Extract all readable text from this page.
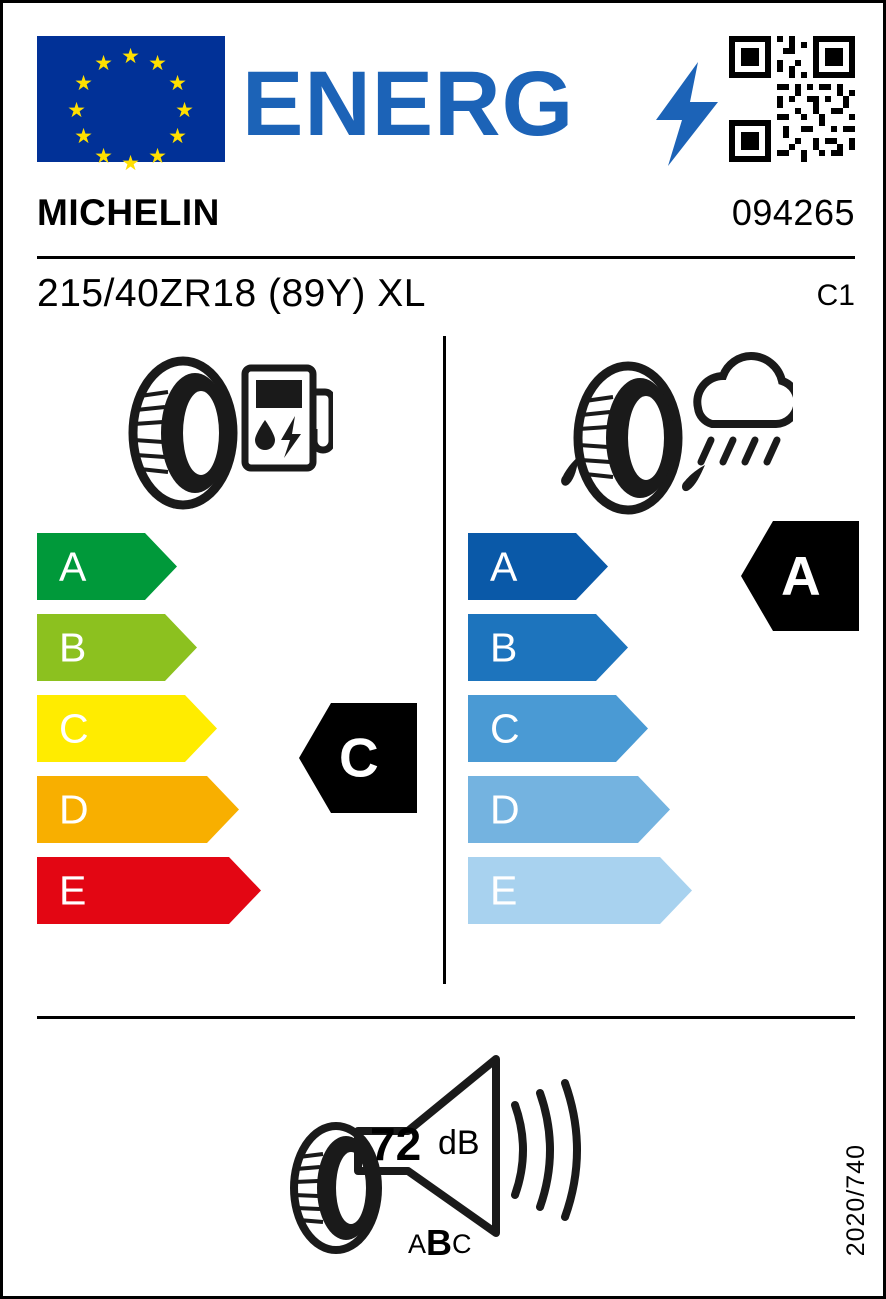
★ ★
★
★
★
★
★
★
★
★
★
★ ENERG
MICHELIN	094265
215/40ZR18 (89Y) XL	C1
A
B
C
D
E
A
B
C
D
E
C
A
72 dB
ABC	2020/740
